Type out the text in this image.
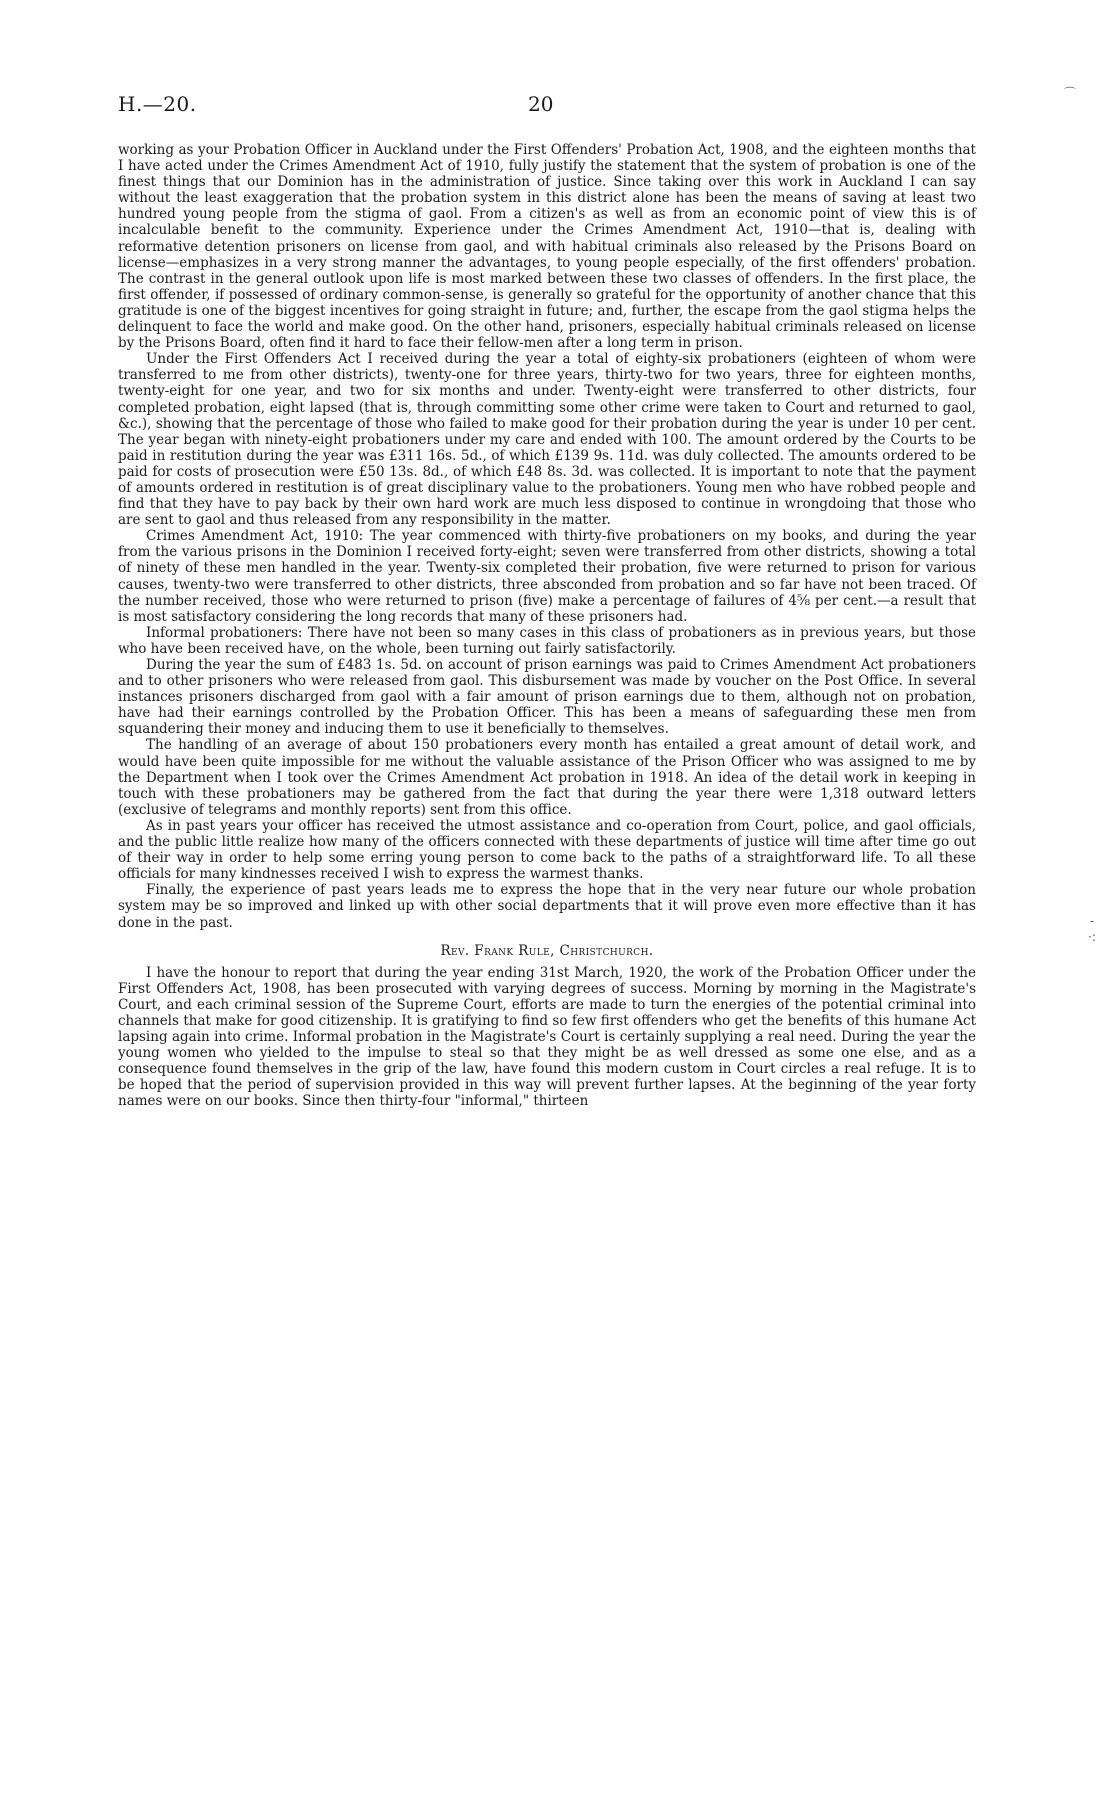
H.—20.	20	⌒
-
·:

working as your Probation Officer in Auckland under the First Offenders' Probation Act, 1908, and the eighteen months that I have acted under the Crimes Amendment Act of 1910, fully justify the statement that the system of probation is one of the finest things that our Dominion has in the administration of justice. Since taking over this work in Auckland I can say without the least exaggeration that the probation system in this district alone has been the means of saving at least two hundred young people from the stigma of gaol. From a citizen's as well as from an economic point of view this is of incalculable benefit to the community. Experience under the Crimes Amendment Act, 1910—that is, dealing with reformative detention prisoners on license from gaol, and with habitual criminals also released by the Prisons Board on license—emphasizes in a very strong manner the advantages, to young people especially, of the first offenders' probation. The contrast in the general outlook upon life is most marked between these two classes of offenders. In the first place, the first offender, if possessed of ordinary common-sense, is generally so grateful for the opportunity of another chance that this gratitude is one of the biggest incentives for going straight in future; and, further, the escape from the gaol stigma helps the delinquent to face the world and make good. On the other hand, prisoners, especially habitual criminals released on license by the Prisons Board, often find it hard to face their fellow-men after a long term in prison.

Under the First Offenders Act I received during the year a total of eighty-six probationers (eighteen of whom were transferred to me from other districts), twenty-one for three years, thirty-two for two years, three for eighteen months, twenty-eight for one year, and two for six months and under. Twenty-eight were transferred to other districts, four completed probation, eight lapsed (that is, through committing some other crime were taken to Court and returned to gaol, &c.), showing that the percentage of those who failed to make good for their probation during the year is under 10 per cent. The year began with ninety-eight probationers under my care and ended with 100. The amount ordered by the Courts to be paid in restitution during the year was £311 16s. 5d., of which £139 9s. 11d. was duly collected. The amounts ordered to be paid for costs of prosecution were £50 13s. 8d., of which £48 8s. 3d. was collected. It is important to note that the payment of amounts ordered in restitution is of great disciplinary value to the probationers. Young men who have robbed people and find that they have to pay back by their own hard work are much less disposed to continue in wrongdoing that those who are sent to gaol and thus released from any responsibility in the matter.

Crimes Amendment Act, 1910: The year commenced with thirty-five probationers on my books, and during the year from the various prisons in the Dominion I received forty-eight; seven were transferred from other districts, showing a total of ninety of these men handled in the year. Twenty-six completed their probation, five were returned to prison for various causes, twenty-two were transferred to other districts, three absconded from probation and so far have not been traced. Of the number received, those who were returned to prison (five) make a percentage of failures of 4⅝ per cent.—a result that is most satisfactory considering the long records that many of these prisoners had.

Informal probationers: There have not been so many cases in this class of probationers as in previous years, but those who have been received have, on the whole, been turning out fairly satisfactorily.

During the year the sum of £483 1s. 5d. on account of prison earnings was paid to Crimes Amendment Act probationers and to other prisoners who were released from gaol. This disbursement was made by voucher on the Post Office. In several instances prisoners discharged from gaol with a fair amount of prison earnings due to them, although not on probation, have had their earnings controlled by the Probation Officer. This has been a means of safeguarding these men from squandering their money and inducing them to use it beneficially to themselves.

The handling of an average of about 150 probationers every month has entailed a great amount of detail work, and would have been quite impossible for me without the valuable assistance of the Prison Officer who was assigned to me by the Department when I took over the Crimes Amendment Act probation in 1918. An idea of the detail work in keeping in touch with these probationers may be gathered from the fact that during the year there were 1,318 outward letters (exclusive of telegrams and monthly reports) sent from this office.

As in past years your officer has received the utmost assistance and co-operation from Court, police, and gaol officials, and the public little realize how many of the officers connected with these departments of justice will time after time go out of their way in order to help some erring young person to come back to the paths of a straightforward life. To all these officials for many kindnesses received I wish to express the warmest thanks.

Finally, the experience of past years leads me to express the hope that in the very near future our whole probation system may be so improved and linked up with other social departments that it will prove even more effective than it has done in the past.

Rev. Frank Rule, Christchurch.

I have the honour to report that during the year ending 31st March, 1920, the work of the Probation Officer under the First Offenders Act, 1908, has been prosecuted with varying degrees of success. Morning by morning in the Magistrate's Court, and each criminal session of the Supreme Court, efforts are made to turn the energies of the potential criminal into channels that make for good citizenship. It is gratifying to find so few first offenders who get the benefits of this humane Act lapsing again into crime. Informal probation in the Magistrate's Court is certainly supplying a real need. During the year the young women who yielded to the impulse to steal so that they might be as well dressed as some one else, and as a consequence found themselves in the grip of the law, have found this modern custom in Court circles a real refuge. It is to be hoped that the period of supervision provided in this way will prevent further lapses. At the beginning of the year forty names were on our books. Since then thirty-four "informal," thirteen
